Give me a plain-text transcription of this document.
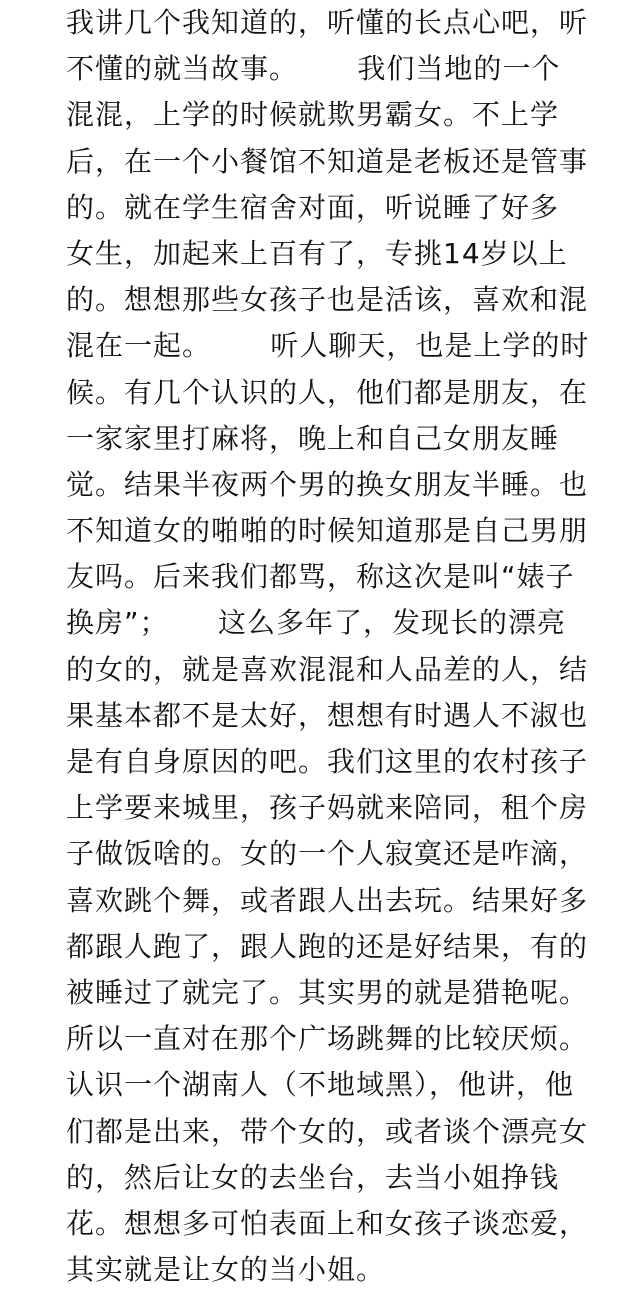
我讲几个我知道的，听懂的长点心吧，听
不懂的就当故事。      我们当地的一个
混混，上学的时候就欺男霸女。不上学
后，在一个小餐馆不知道是老板还是管事
的。就在学生宿舍对面，听说睡了好多
女生，加起来上百有了，专挑14岁以上
的。想想那些女孩子也是活该，喜欢和混
混在一起。      听人聊天，也是上学的时
候。有几个认识的人，他们都是朋友，在
一家家里打麻将，晚上和自己女朋友睡
觉。结果半夜两个男的换女朋友半睡。也
不知道女的啪啪的时候知道那是自己男朋
友吗。后来我们都骂，称这次是叫“婊子
换房”；     这么多年了，发现长的漂亮
的女的，就是喜欢混混和人品差的人，结
果基本都不是太好，想想有时遇人不淑也
是有自身原因的吧。我们这里的农村孩子
上学要来城里，孩子妈就来陪同，租个房
子做饭啥的。女的一个人寂寞还是咋滴，
喜欢跳个舞，或者跟人出去玩。结果好多
都跟人跑了，跟人跑的还是好结果，有的
被睡过了就完了。其实男的就是猎艳呢。
所以一直对在那个广场跳舞的比较厌烦。
认识一个湖南人（不地域黑），他讲，他
们都是出来，带个女的，或者谈个漂亮女
的，然后让女的去坐台，去当小姐挣钱
花。想想多可怕表面上和女孩子谈恋爱，
其实就是让女的当小姐。
